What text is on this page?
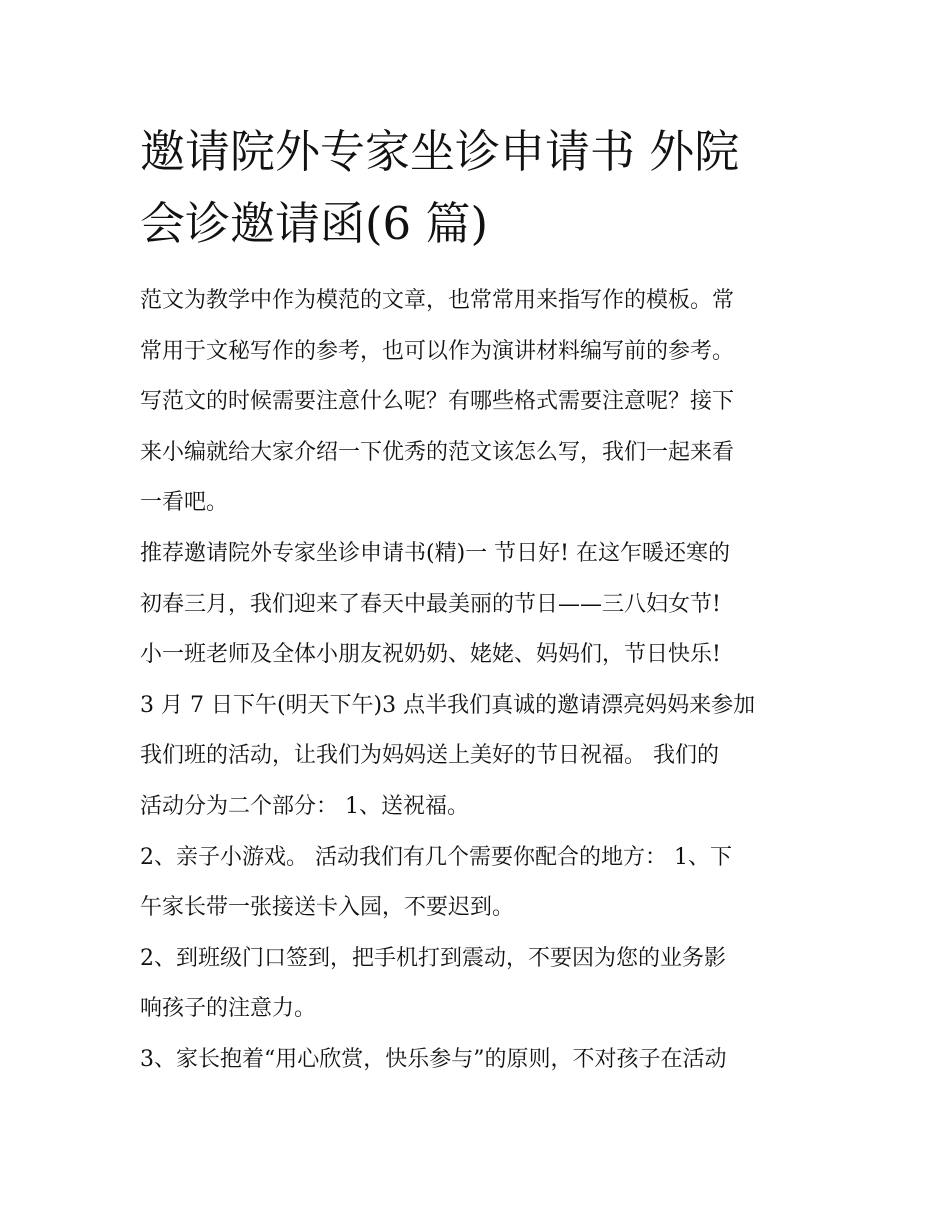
邀请院外专家坐诊申请书 外院
会诊邀请函(6 篇)
范文为教学中作为模范的文章，也常常用来指写作的模板。常
常用于文秘写作的参考，也可以作为演讲材料编写前的参考。
写范文的时候需要注意什么呢？有哪些格式需要注意呢？接下
来小编就给大家介绍一下优秀的范文该怎么写，我们一起来看
一看吧。
推荐邀请院外专家坐诊申请书(精)一 节日好! 在这乍暖还寒的
初春三月，我们迎来了春天中最美丽的节日——三八妇女节!
小一班老师及全体小朋友祝奶奶、姥姥、妈妈们，节日快乐!
3 月 7 日下午(明天下午)3 点半我们真诚的邀请漂亮妈妈来参加
我们班的活动，让我们为妈妈送上美好的节日祝福。 我们的
活动分为二个部分： 1、送祝福。
2、亲子小游戏。 活动我们有几个需要你配合的地方： 1、下
午家长带一张接送卡入园，不要迟到。
2、到班级门口签到，把手机打到震动，不要因为您的业务影
响孩子的注意力。
3、家长抱着“用心欣赏，快乐参与”的原则，不对孩子在活动
